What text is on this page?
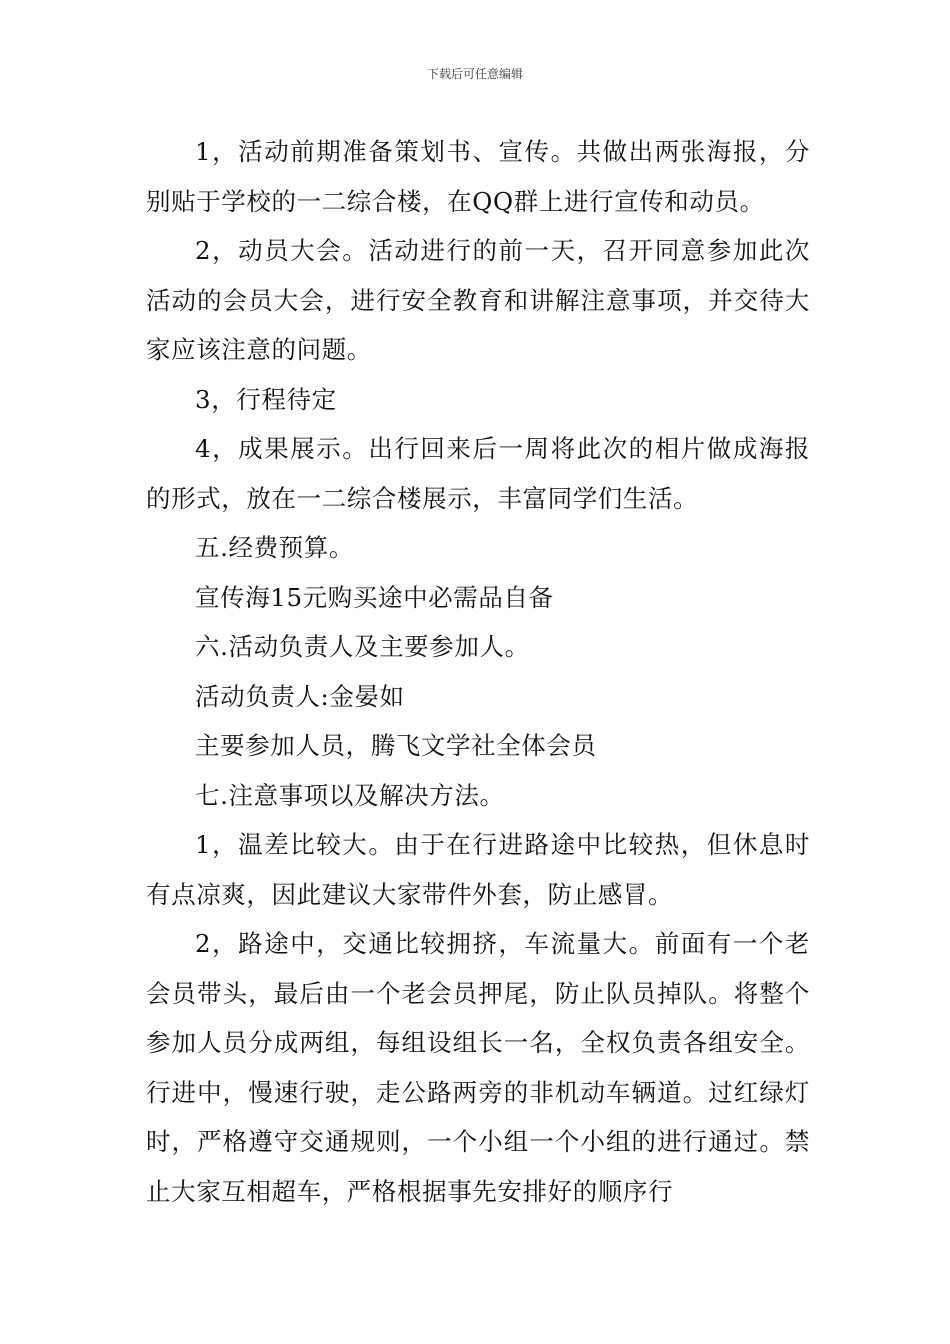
下载后可任意编辑

1，活动前期准备策划书、宣传。共做出两张海报，分别贴于学校的一二综合楼，在QQ群上进行宣传和动员。

2，动员大会。活动进行的前一天，召开同意参加此次活动的会员大会，进行安全教育和讲解注意事项，并交待大家应该注意的问题。

3，行程待定

4，成果展示。出行回来后一周将此次的相片做成海报的形式，放在一二综合楼展示，丰富同学们生活。

五.经费预算。

宣传海15元购买途中必需品自备

六.活动负责人及主要参加人。

活动负责人:金晏如

主要参加人员，腾飞文学社全体会员

七.注意事项以及解决方法。

1，温差比较大。由于在行进路途中比较热，但休息时有点凉爽，因此建议大家带件外套，防止感冒。

2，路途中，交通比较拥挤，车流量大。前面有一个老会员带头，最后由一个老会员押尾，防止队员掉队。将整个参加人员分成两组，每组设组长一名，全权负责各组安全。行进中，慢速行驶，走公路两旁的非机动车辆道。过红绿灯时，严格遵守交通规则，一个小组一个小组的进行通过。禁止大家互相超车，严格根据事先安排好的顺序行
